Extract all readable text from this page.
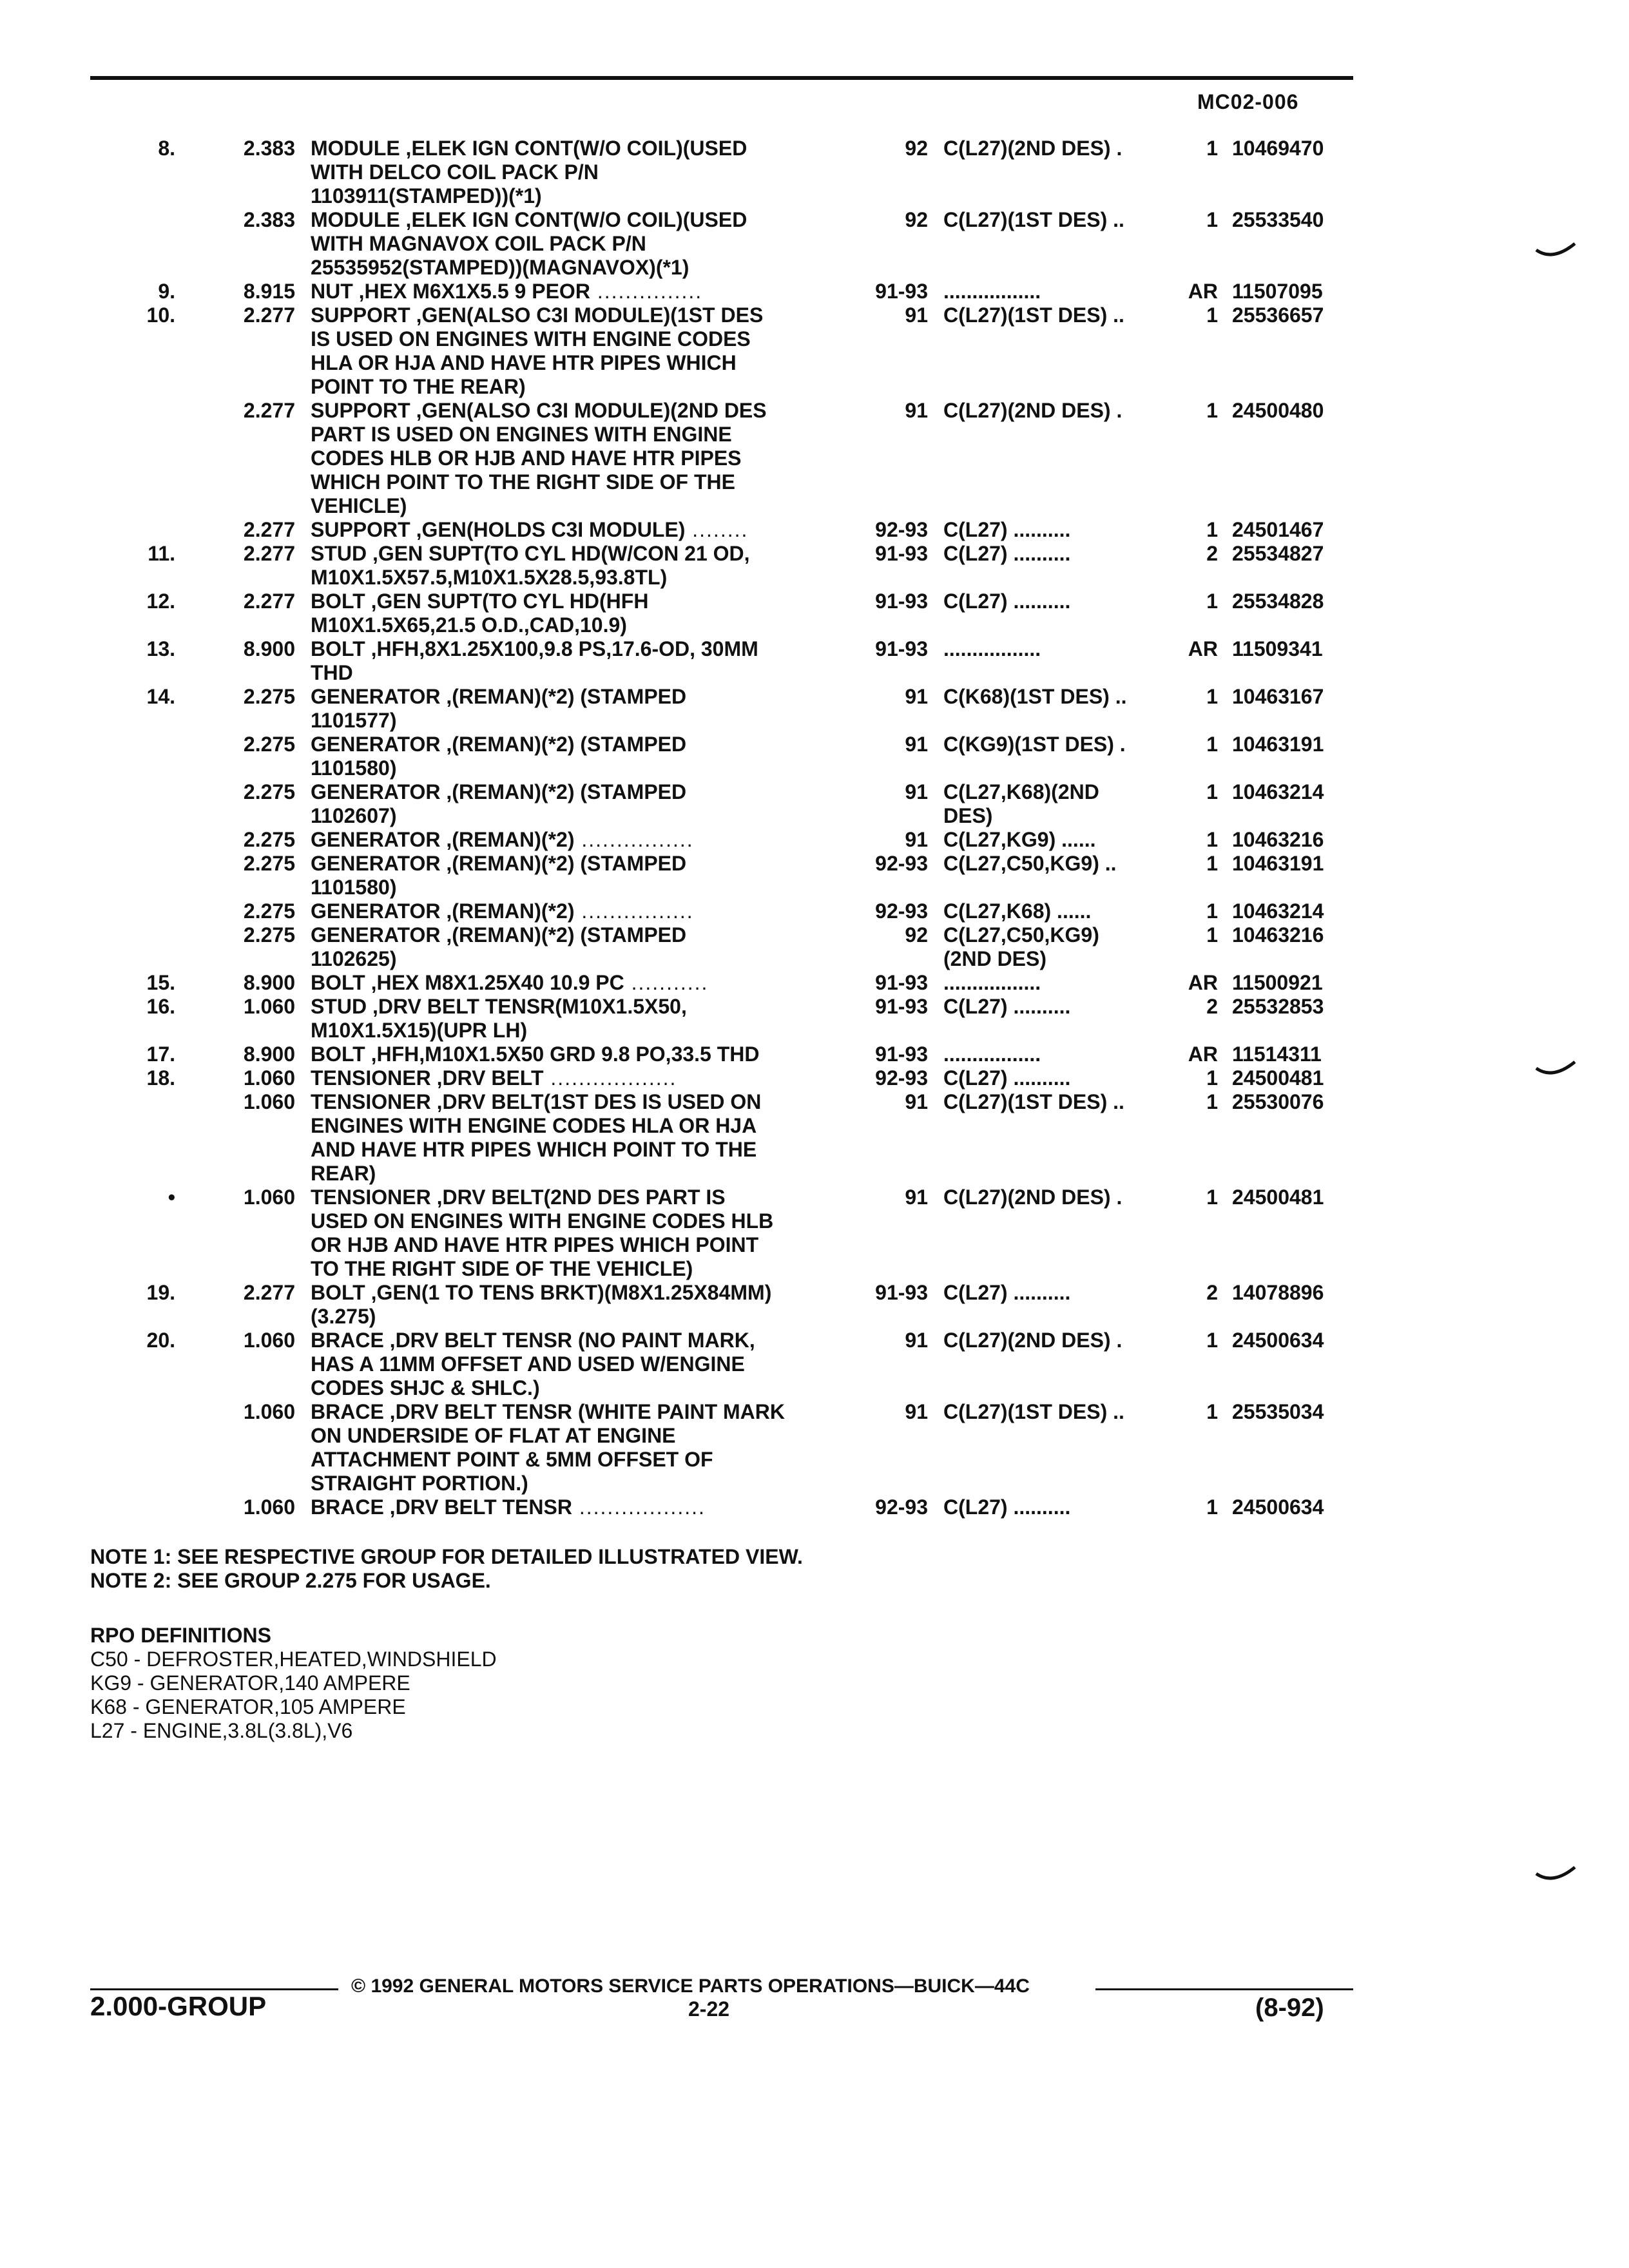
MC02-006
8.	2.383 MODULE ,ELEK IGN CONT(W/O COIL)(USED
WITH DELCO COIL PACK P/N
1103911(STAMPED))(*1)
92 C(L27)(2ND DES) .	1 10469470
2.383 MODULE ,ELEK IGN CONT(W/O COIL)(USED
WITH MAGNAVOX COIL PACK P/N
25535952(STAMPED))(MAGNAVOX)(*1)
92 C(L27)(1ST DES) ..	1 25533540
9.	8.915 NUT ,HEX M6X1X5.5 9 PEOR ...............	91-93 .................	AR 11507095
10.	2.277 SUPPORT ,GEN(ALSO C3I MODULE)(1ST DES
IS USED ON ENGINES WITH ENGINE CODES
HLA OR HJA AND HAVE HTR PIPES WHICH
POINT TO THE REAR)
91 C(L27)(1ST DES) ..	1 25536657
2.277 SUPPORT ,GEN(ALSO C3I MODULE)(2ND DES
PART IS USED ON ENGINES WITH ENGINE
CODES HLB OR HJB AND HAVE HTR PIPES
WHICH POINT TO THE RIGHT SIDE OF THE
VEHICLE)
91 C(L27)(2ND DES) .	1 24500480
2.277 SUPPORT ,GEN(HOLDS C3I MODULE) ........	92-93 C(L27) ..........	1 24501467
11.	2.277 STUD ,GEN SUPT(TO CYL HD(W/CON 21 OD,
M10X1.5X57.5,M10X1.5X28.5,93.8TL)
91-93 C(L27) ..........	2 25534827
12.	2.277 BOLT ,GEN SUPT(TO CYL HD(HFH
M10X1.5X65,21.5 O.D.,CAD,10.9)
91-93 C(L27) ..........	1 25534828
13.	8.900 BOLT ,HFH,8X1.25X100,9.8 PS,17.6-OD, 30MM
THD
91-93 .................	AR 11509341
14.	2.275 GENERATOR ,(REMAN)(*2) (STAMPED
1101577)
91 C(K68)(1ST DES) ..	1 10463167
2.275 GENERATOR ,(REMAN)(*2) (STAMPED
1101580)
91 C(KG9)(1ST DES) .	1 10463191
2.275 GENERATOR ,(REMAN)(*2) (STAMPED
1102607)
91 C(L27,K68)(2ND
DES)
1 10463214
2.275 GENERATOR ,(REMAN)(*2) ................	91 C(L27,KG9) ......	1 10463216
2.275 GENERATOR ,(REMAN)(*2) (STAMPED
1101580)
92-93 C(L27,C50,KG9) ..	1 10463191
2.275 GENERATOR ,(REMAN)(*2) ................	92-93 C(L27,K68) ......	1 10463214
2.275 GENERATOR ,(REMAN)(*2) (STAMPED
1102625)
92 C(L27,C50,KG9)
(2ND DES)
1 10463216
15.	8.900 BOLT ,HEX M8X1.25X40 10.9 PC ...........	91-93 .................	AR 11500921
16.	1.060 STUD ,DRV BELT TENSR(M10X1.5X50,
M10X1.5X15)(UPR LH)
91-93 C(L27) ..........	2 25532853
17.	8.900 BOLT ,HFH,M10X1.5X50 GRD 9.8 PO,33.5 THD	91-93 .................	AR 11514311
18.	1.060 TENSIONER ,DRV BELT ..................	92-93 C(L27) ..........	1 24500481
1.060 TENSIONER ,DRV BELT(1ST DES IS USED ON
ENGINES WITH ENGINE CODES HLA OR HJA
AND HAVE HTR PIPES WHICH POINT TO THE
REAR)
91 C(L27)(1ST DES) ..	1 25530076
•	1.060 TENSIONER ,DRV BELT(2ND DES PART IS
USED ON ENGINES WITH ENGINE CODES HLB
OR HJB AND HAVE HTR PIPES WHICH POINT
TO THE RIGHT SIDE OF THE VEHICLE)
91 C(L27)(2ND DES) .	1 24500481
19.	2.277 BOLT ,GEN(1 TO TENS BRKT)(M8X1.25X84MM)
(3.275)
91-93 C(L27) ..........	2 14078896
20.	1.060 BRACE ,DRV BELT TENSR (NO PAINT MARK,
HAS A 11MM OFFSET AND USED W/ENGINE
CODES SHJC & SHLC.)
91 C(L27)(2ND DES) .	1 24500634
1.060 BRACE ,DRV BELT TENSR (WHITE PAINT MARK
ON UNDERSIDE OF FLAT AT ENGINE
ATTACHMENT POINT & 5MM OFFSET OF
STRAIGHT PORTION.)
91 C(L27)(1ST DES) ..	1 25535034
1.060 BRACE ,DRV BELT TENSR ..................	92-93 C(L27) ..........	1 24500634
NOTE 1: SEE RESPECTIVE GROUP FOR DETAILED ILLUSTRATED VIEW.
NOTE 2: SEE GROUP 2.275 FOR USAGE.
RPO DEFINITIONS
C50 - DEFROSTER,HEATED,WINDSHIELD
KG9 - GENERATOR,140 AMPERE
K68 - GENERATOR,105 AMPERE
L27 - ENGINE,3.8L(3.8L),V6
© 1992 GENERAL MOTORS SERVICE PARTS OPERATIONS—BUICK—44C
2.000-GROUP	2-22	(8-92)
